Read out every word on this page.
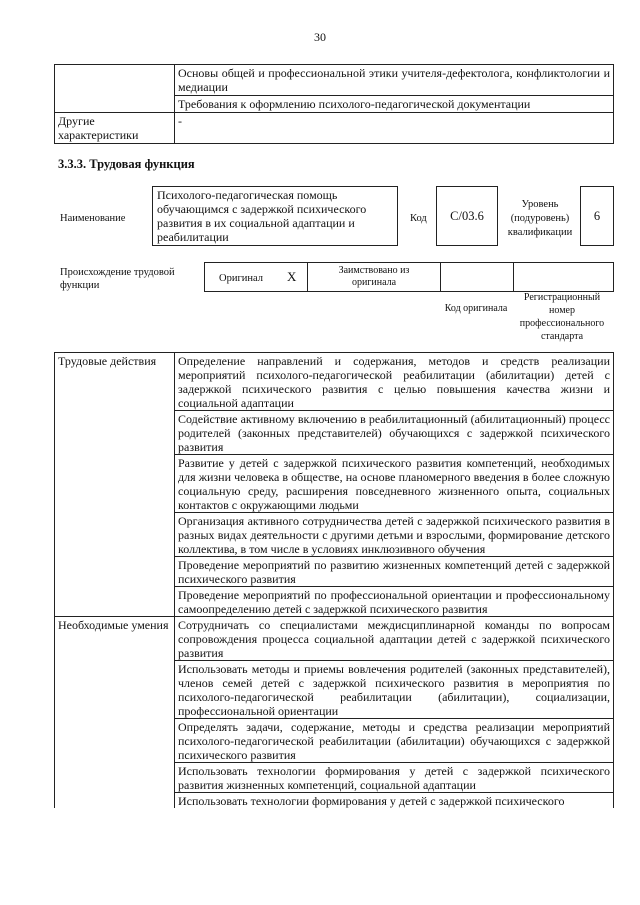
30
	Основы общей и профессиональной этики учителя-дефектолога, конфликтологии и медиации
	Требования к оформлению психолого-педагогической документации
Другие характеристики	-
3.3.3. Трудовая функция
Наименование
Психолого-педагогическая помощь обучающимся с задержкой психического развития в их социальной адаптации и реабилитации
Код С/03.6
Уровень (подуровень) квалификации
6
Происхождение трудовой функции
Оригинал X	Заимствовано из оригинала
Код оригинала
Регистрационный номер профессионального стандарта
Трудовые действия	Определение направлений и содержания, методов и средств реализации мероприятий психолого-педагогической реабилитации (абилитации) детей с задержкой психического развития с целью повышения качества жизни и социальной адаптации
	Содействие активному включению в реабилитационный (абилитационный) процесс родителей (законных представителей) обучающихся с задержкой психического развития
	Развитие у детей с задержкой психического развития компетенций, необходимых для жизни человека в обществе, на основе планомерного введения в более сложную социальную среду, расширения повседневного жизненного опыта, социальных контактов с окружающими людьми
	Организация активного сотрудничества детей с задержкой психического развития в разных видах деятельности с другими детьми и взрослыми, формирование детского коллектива, в том числе в условиях инклюзивного обучения
	Проведение мероприятий по развитию жизненных компетенций детей с задержкой психического развития
	Проведение мероприятий по профессиональной ориентации и профессиональному самоопределению детей с задержкой психического развития
Необходимые умения	Сотрудничать со специалистами междисциплинарной команды по вопросам сопровождения процесса социальной адаптации детей с задержкой психического развития
	Использовать методы и приемы вовлечения родителей (законных представителей), членов семей детей с задержкой психического развития в мероприятия по психолого-педагогической реабилитации (абилитации), социализации, профессиональной ориентации
	Определять задачи, содержание, методы и средства реализации мероприятий психолого-педагогической реабилитации (абилитации) обучающихся с задержкой психического развития
	Использовать технологии формирования у детей с задержкой психического развития жизненных компетенций, социальной адаптации
	Использовать технологии формирования у детей с задержкой психического
